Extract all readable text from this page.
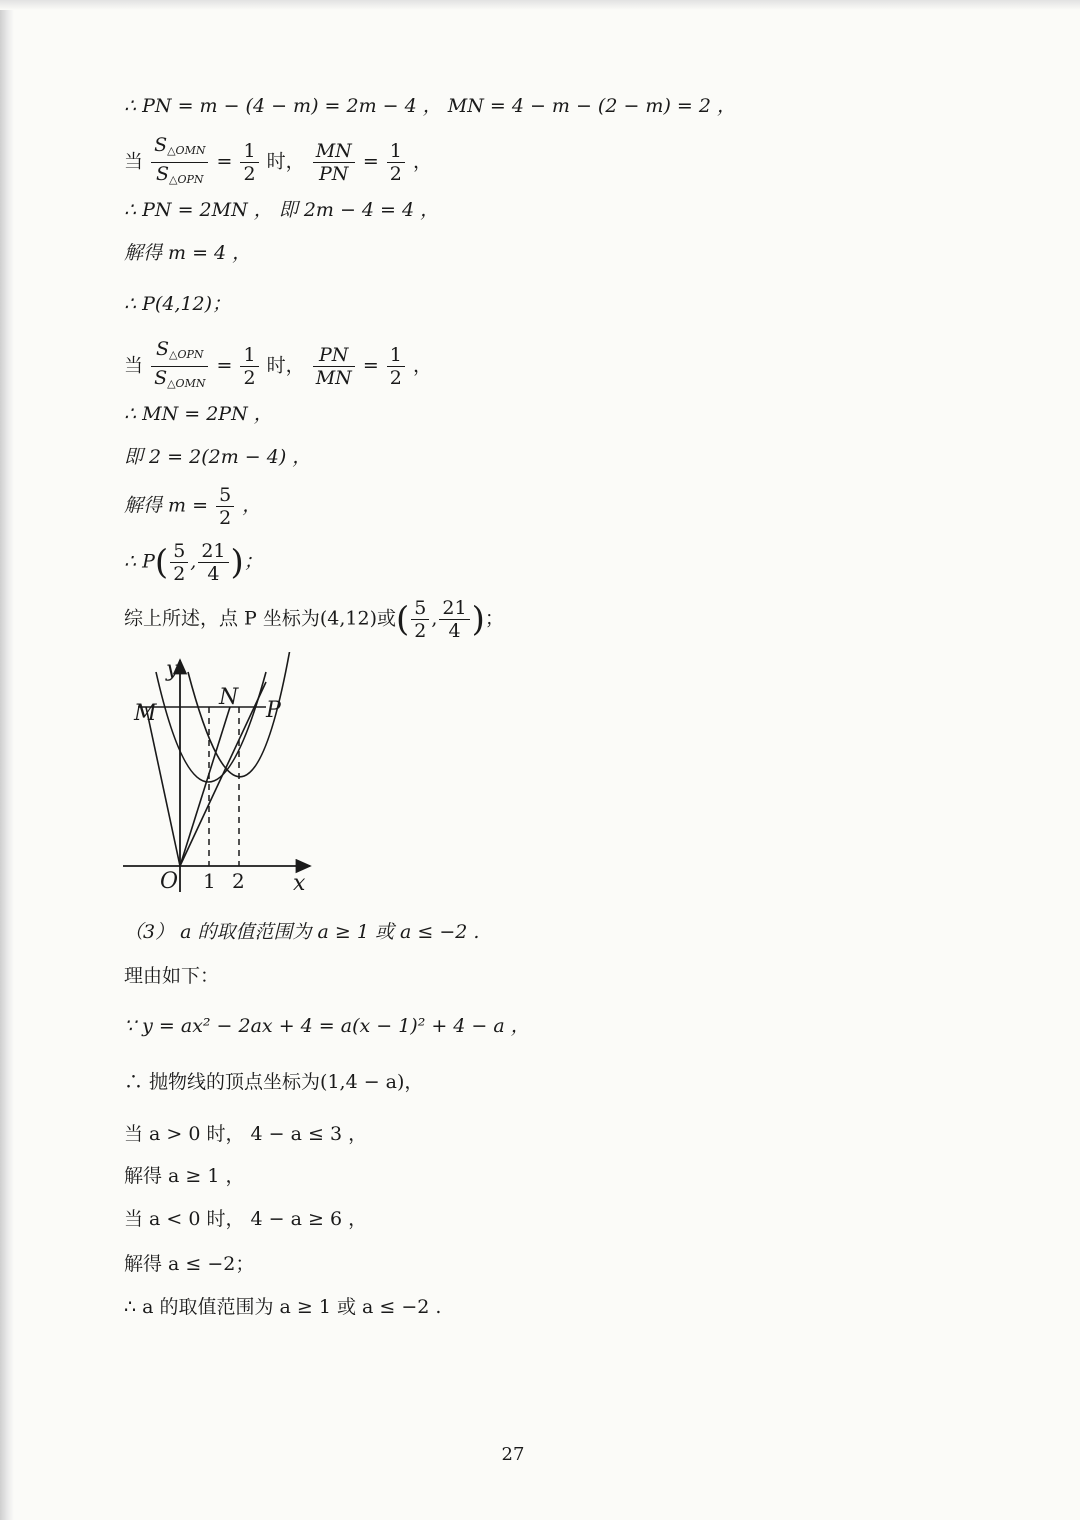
∴ PN = m − (4 − m) = 2m − 4 ， MN = 4 − m − (2 − m) = 2 ，
当 $\frac{S_{\triangle OMN}}{S_{\triangle OPN}} = \frac{1}{2}$ 时， $\frac{MN}{PN} = \frac{1}{2}$ ，
∴ PN = 2MN ， 即 2m − 4 = 4 ，
解得 m = 4 ，
∴ P(4,12)；
当 $\frac{S_{\triangle OPN}}{S_{\triangle OMN}} = \frac{1}{2}$ 时， $\frac{PN}{MN} = \frac{1}{2}$ ，
∴ MN = 2PN ，
即 2 = 2(2m − 4) ，
解得 $m = \frac{5}{2}$ ，
∴ $P( \frac{5}{2}$ , $\frac{21}{4}$ )；
综上所述，点 P 坐标为(4,12)或( $\frac{5}{2}$ , $\frac{21}{4}$ )；
y
M
N
P
O 1 2 x
（3） a 的取值范围为 a ≥ 1 或 a ≤ −2 .
理由如下：
∵ y = ax² − 2ax + 4 = a(x − 1)² + 4 − a ，
∴ 抛物线的顶点坐标为(1,4 − a)，
当 a > 0 时， 4 − a ≤ 3 ，
解得 a ≥ 1 ，
当 a < 0 时， 4 − a ≥ 6 ，
解得 a ≤ −2；
∴ a 的取值范围为 a ≥ 1 或 a ≤ −2 .
27
